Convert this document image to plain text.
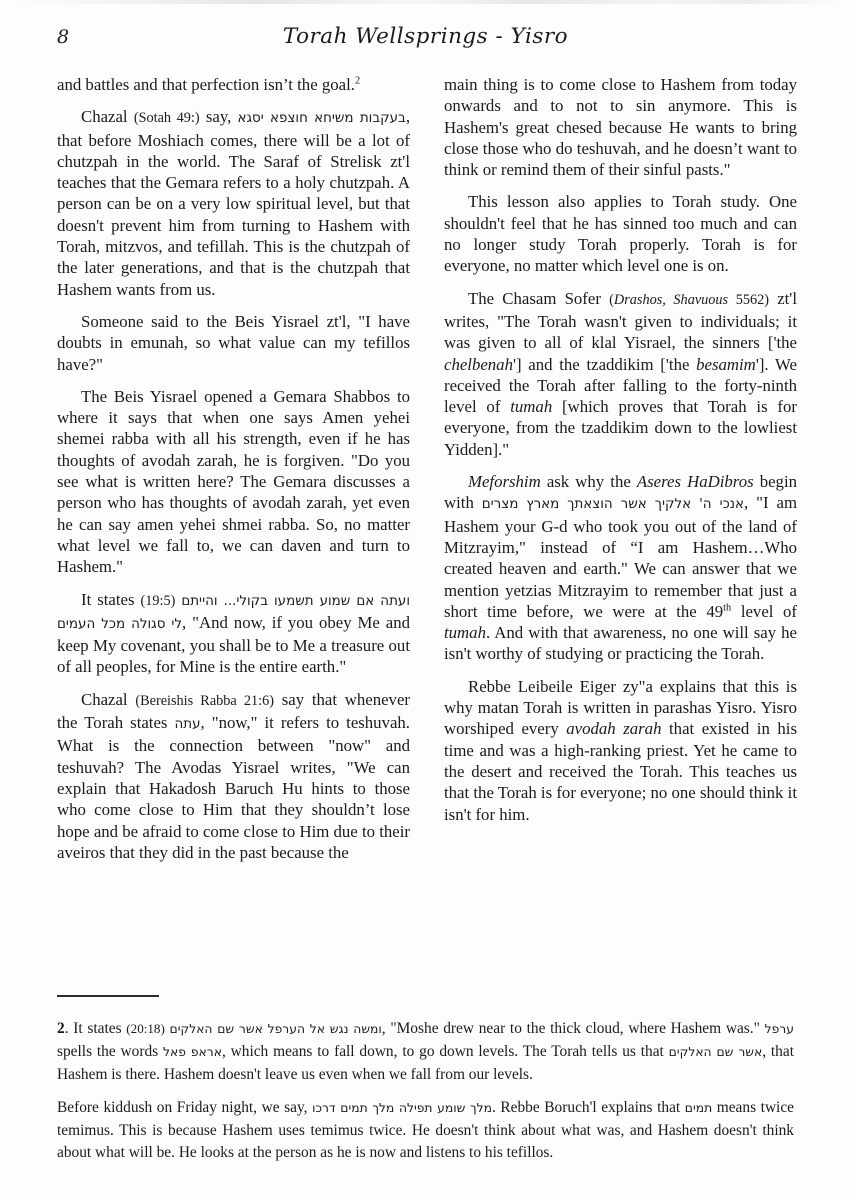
8	Torah Wellsprings - Yisro

and battles and that perfection isn’t the goal.$^2$

Chazal (Sotah 49:) say, בעקבות משיחא חוצפא יסגא, that before Moshiach comes, there will be a lot of chutzpah in the world. The Saraf of Strelisk zt'l teaches that the Gemara refers to a holy chutzpah. A person can be on a very low spiritual level, but that doesn't prevent him from turning to Hashem with Torah, mitzvos, and tefillah. This is the chutzpah of the later generations, and that is the chutzpah that Hashem wants from us.

Someone said to the Beis Yisrael zt'l, "I have doubts in emunah, so what value can my tefillos have?"

The Beis Yisrael opened a Gemara Shabbos to where it says that when one says Amen yehei shemei rabba with all his strength, even if he has thoughts of avodah zarah, he is forgiven. "Do you see what is written here? The Gemara discusses a person who has thoughts of avodah zarah, yet even he can say amen yehei shmei rabba. So, no matter what level we fall to, we can daven and turn to Hashem."

It states (19:5) ועתה אם שמוע תשמעו בקולי... והייתם לי סגולה מכל העמים, "And now, if you obey Me and keep My covenant, you shall be to Me a treasure out of all peoples, for Mine is the entire earth."

Chazal (Bereishis Rabba 21:6) say that whenever the Torah states עתה, "now," it refers to teshuvah. What is the connection between "now" and teshuvah? The Avodas Yisrael writes, "We can explain that Hakadosh Baruch Hu hints to those who come close to Him that they shouldn’t lose hope and be afraid to come close to Him due to their aveiros that they did in the past because the

main thing is to come close to Hashem from today onwards and to not to sin anymore. This is Hashem's great chesed because He wants to bring close those who do teshuvah, and he doesn’t want to think or remind them of their sinful pasts."

This lesson also applies to Torah study. One shouldn't feel that he has sinned too much and can no longer study Torah properly. Torah is for everyone, no matter which level one is on.

The Chasam Sofer (Drashos, Shavuous 5562) zt'l writes, "The Torah wasn't given to individuals; it was given to all of klal Yisrael, the sinners ['the chelbenah'] and the tzaddikim ['the besamim']. We received the Torah after falling to the forty-ninth level of tumah [which proves that Torah is for everyone, from the tzaddikim down to the lowliest Yidden]."

Meforshim ask why the Aseres HaDibros begin with אנכי ה' אלקיך אשר הוצאתך מארץ מצרים, "I am Hashem your G-d who took you out of the land of Mitzrayim," instead of “I am Hashem…Who created heaven and earth." We can answer that we mention yetzias Mitzrayim to remember that just a short time before, we were at the 49th level of tumah. And with that awareness, no one will say he isn't worthy of studying or practicing the Torah.

Rebbe Leibeile Eiger zy"a explains that this is why matan Torah is written in parashas Yisro. Yisro worshiped every avodah zarah that existed in his time and was a high-ranking priest. Yet he came to the desert and received the Torah. This teaches us that the Torah is for everyone; no one should think it isn't for him.

2. It states (20:18) ומשה נגש אל הערפל אשר שם האלקים, "Moshe drew near to the thick cloud, where Hashem was." ערפל spells the words אראפ פאל, which means to fall down, to go down levels. The Torah tells us that אשר שם האלקים, that Hashem is there. Hashem doesn't leave us even when we fall from our levels.

Before kiddush on Friday night, we say, מלך שומע תפילה מלך תמים דרכו. Rebbe Boruch'l explains that תמים means twice temimus. This is because Hashem uses temimus twice. He doesn't think about what was, and Hashem doesn't think about what will be. He looks at the person as he is now and listens to his tefillos.
